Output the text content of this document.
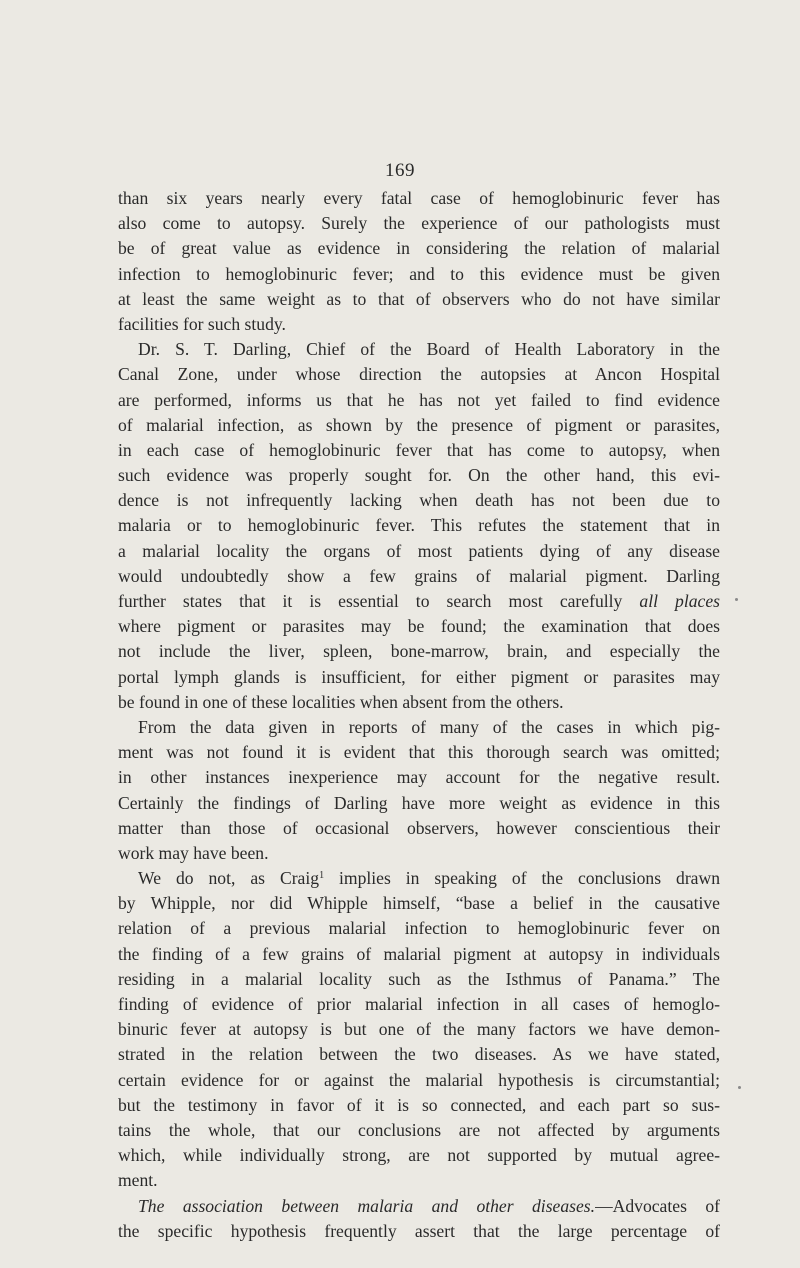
169
than six years nearly every fatal case of hemoglobinuric fever has
also come to autopsy. Surely the experience of our pathologists must
be of great value as evidence in considering the relation of malarial
infection to hemoglobinuric fever; and to this evidence must be given
at least the same weight as to that of observers who do not have similar
facilities for such study.
Dr. S. T. Darling, Chief of the Board of Health Laboratory in the
Canal Zone, under whose direction the autopsies at Ancon Hospital
are performed, informs us that he has not yet failed to find evidence
of malarial infection, as shown by the presence of pigment or parasites,
in each case of hemoglobinuric fever that has come to autopsy, when
such evidence was properly sought for. On the other hand, this evi-
dence is not infrequently lacking when death has not been due to
malaria or to hemoglobinuric fever. This refutes the statement that in
a malarial locality the organs of most patients dying of any disease
would undoubtedly show a few grains of malarial pigment. Darling
further states that it is essential to search most carefully all places
where pigment or parasites may be found; the examination that does
not include the liver, spleen, bone-marrow, brain, and especially the
portal lymph glands is insufficient, for either pigment or parasites may
be found in one of these localities when absent from the others.
From the data given in reports of many of the cases in which pig-
ment was not found it is evident that this thorough search was omitted;
in other instances inexperience may account for the negative result.
Certainly the findings of Darling have more weight as evidence in this
matter than those of occasional observers, however conscientious their
work may have been.
We do not, as Craig$^1$ implies in speaking of the conclusions drawn
by Whipple, nor did Whipple himself, “base a belief in the causative
relation of a previous malarial infection to hemoglobinuric fever on
the finding of a few grains of malarial pigment at autopsy in individuals
residing in a malarial locality such as the Isthmus of Panama.” The
finding of evidence of prior malarial infection in all cases of hemoglo-
binuric fever at autopsy is but one of the many factors we have demon-
strated in the relation between the two diseases. As we have stated,
certain evidence for or against the malarial hypothesis is circumstantial;
but the testimony in favor of it is so connected, and each part so sus-
tains the whole, that our conclusions are not affected by arguments
which, while individually strong, are not supported by mutual agree-
ment.
The association between malaria and other diseases.—Advocates of
the specific hypothesis frequently assert that the large percentage of
